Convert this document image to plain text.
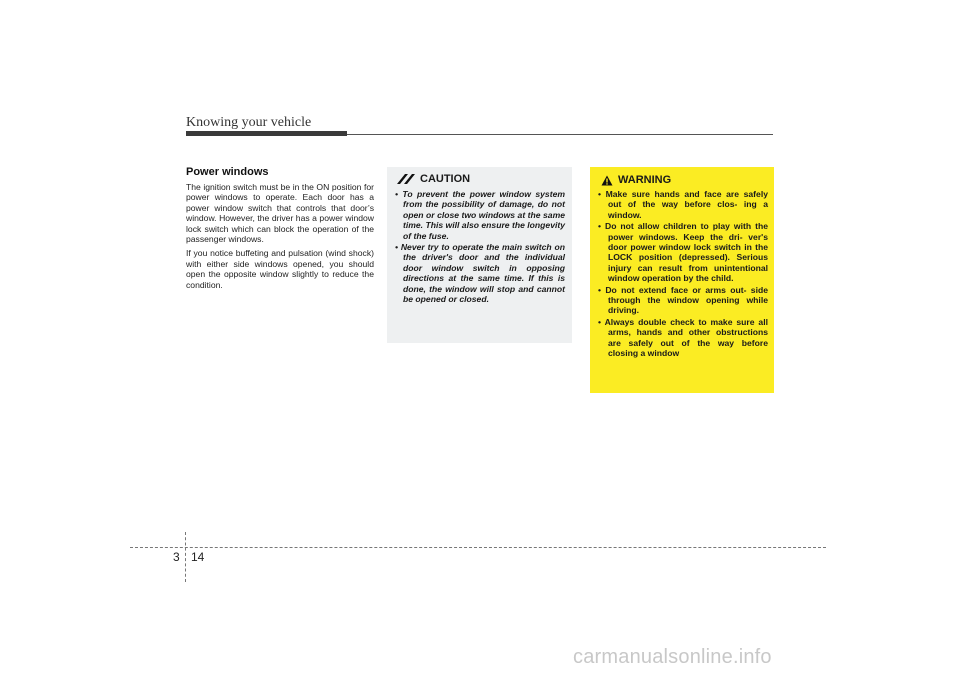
Knowing your vehicle
Power windows

The ignition switch must be in the ON position for power windows to operate. Each door has a power window switch that controls that door’s window. However, the driver has a power window lock switch which can block the operation of the passenger windows.

If you notice buffeting and pulsation (wind shock) with either side windows opened, you should open the opposite window slightly to reduce the condition.

CAUTION
• To prevent the power window system from the possibility of damage, do not open or close two windows at the same time. This will also ensure the longevity of the fuse.
• Never try to operate the main switch on the driver's door and the individual door window switch in opposing directions at the same time. If this is done, the window will stop and cannot be opened or closed.
WARNING
• Make sure hands and face are safely out of the way before clos- ing a window.
• Do not allow children to play with the power windows. Keep the dri- ver's door power window lock switch in the LOCK position (depressed). Serious injury can result from unintentional window operation by the child.
• Do not extend face or arms out- side through the window opening while driving.
• Always double check to make sure all arms, hands and other obstructions are safely out of the way before closing a window
3 14
carmanualsonline.info
